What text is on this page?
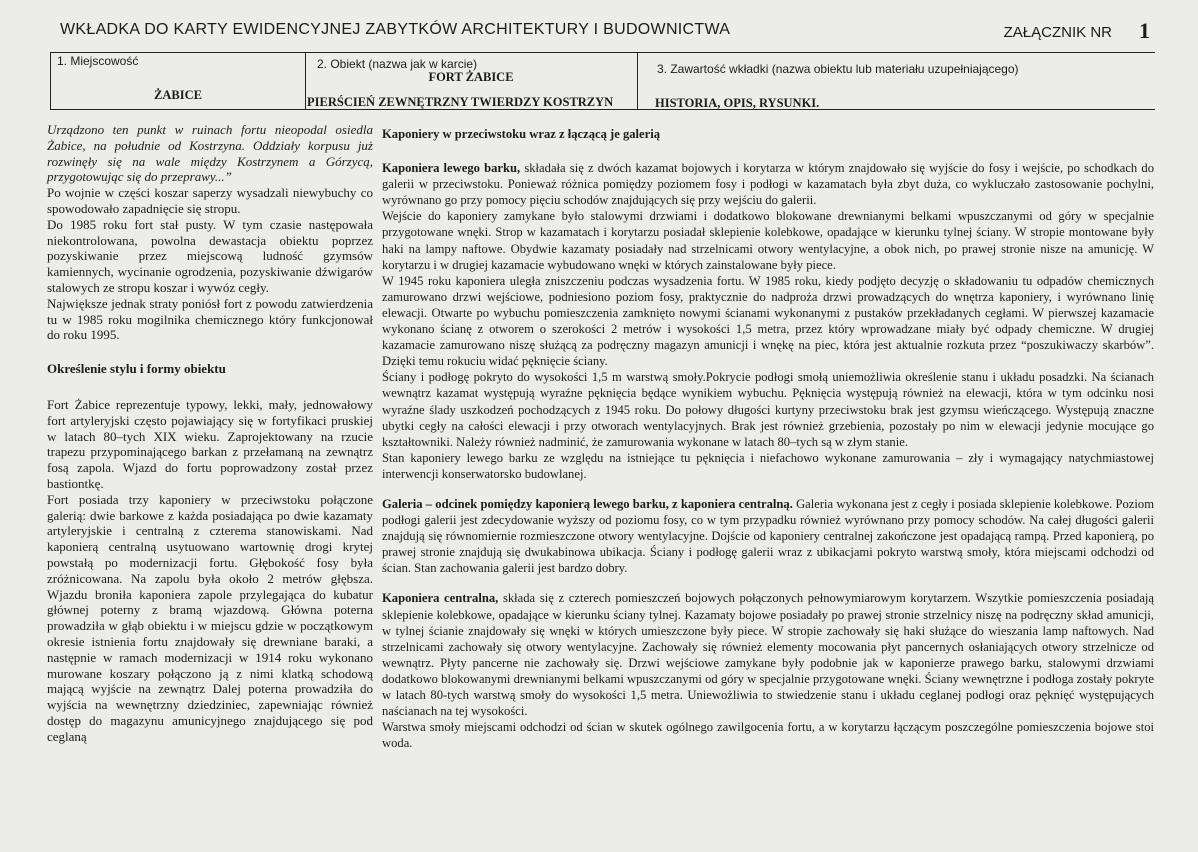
WKŁADKA DO KARTY EWIDENCYJNEJ ZABYTKÓW ARCHITEKTURY I BUDOWNICTWA	ZAŁĄCZNIK NR 1
1. Miejscowość
ŻABICE
2. Obiekt (nazwa jak w karcie)
FORT ŻABICE
PIERŚCIEŃ ZEWNĘTRZNY TWIERDZY KOSTRZYN
3. Zawartość wkładki (nazwa obiektu lub materiału uzupełniającego)
HISTORIA, OPIS, RYSUNKI.

Urządzono ten punkt w ruinach fortu nieopodal osiedla Żabice, na południe od Kostrzyna. Oddziały korpusu już rozwinęły się na wale między Kostrzynem a Górzycą, przygotowując się do przeprawy...”

Po wojnie w części koszar saperzy wysadzali niewybuchy co spowodowało zapadnięcie się stropu.

Do 1985 roku fort stał pusty. W tym czasie następowała niekontrolowana, powolna dewastacja obiektu poprzez pozyskiwanie przez miejscową ludność gzymsów kamiennych, wycinanie ogrodzenia, pozyskiwanie dźwigarów stalowych ze stropu koszar i wywóz cegły.

Największe jednak straty poniósł fort z powodu zatwierdzenia tu w 1985 roku mogilnika chemicznego który funkcjonował do roku 1995.

Określenie stylu i formy obiektu

Fort Żabice reprezentuje typowy, lekki, mały, jednowałowy fort artyleryjski często pojawiający się w fortyfikaci pruskiej w latach 80–tych XIX wieku. Zaprojektowany na rzucie trapezu przypominającego barkan z przełamaną na zewnątrz fosą zapola. Wjazd do fortu poprowadzony został przez bastiontkę.

Fort posiada trzy kaponiery w przeciwstoku połączone galerią: dwie barkowe z każda posiadająca po dwie kazamaty artyleryjskie i centralną z czterema stanowiskami. Nad kaponierą centralną usytuowano wartownię drogi krytej powstałą po modernizacji fortu. Głębokość fosy była zróżnicowana. Na zapolu była około 2 metrów głębsza. Wjazdu broniła kaponiera zapole przylegająca do kubatur głównej poterny z bramą wjazdową. Główna poterna prowadziła w głąb obiektu i w miejscu gdzie w początkowym okresie istnienia fortu znajdowały się drewniane baraki, a następnie w ramach modernizacji w 1914 roku wykonano murowane koszary połączono ją z nimi klatką schodową mającą wyjście na zewnątrz Dalej poterna prowadziła do wyjścia na wewnętrzny dziedziniec, zapewniając również dostęp do magazynu amunicyjnego znajdującego się pod ceglaną

Kaponiery w przeciwstoku wraz z łączącą je galerią

Kaponiera lewego barku, składała się z dwóch kazamat bojowych i korytarza w którym znajdowało się wyjście do fosy i wejście, po schodkach do galerii w przeciwstoku. Ponieważ różnica pomiędzy poziomem fosy i podłogi w kazamatach była zbyt duża, co wykluczało zastosowanie pochylni, wyrównano go przy pomocy pięciu schodów znajdujących się przy wejściu do galerii.

Wejście do kaponiery zamykane było stalowymi drzwiami i dodatkowo blokowane drewnianymi belkami wpuszczanymi od góry w specjalnie przygotowane wnęki. Strop w kazamatach i korytarzu posiadał sklepienie kolebkowe, opadające w kierunku tylnej ściany. W stropie montowane były haki na lampy naftowe. Obydwie kazamaty posiadały nad strzelnicami otwory wentylacyjne, a obok nich, po prawej stronie nisze na amunicję. W korytarzu i w drugiej kazamacie wybudowano wnęki w których zainstalowane były piece.

W 1945 roku kaponiera uległa zniszczeniu podczas wysadzenia fortu. W 1985 roku, kiedy podjęto decyzję o składowaniu tu odpadów chemicznych zamurowano drzwi wejściowe, podniesiono poziom fosy, praktycznie do nadproża drzwi prowadzących do wnętrza kaponiery, i wyrównano linię elewacji. Otwarte po wybuchu pomieszczenia zamknięto nowymi ścianami wykonanymi z pustaków przekładanych cegłami. W pierwszej kazamacie wykonano ścianę z otworem o szerokości 2 metrów i wysokości 1,5 metra, przez który wprowadzane miały być odpady chemiczne. W drugiej kazamacie zamurowano niszę służącą za podręczny magazyn amunicji i wnękę na piec, która jest aktualnie rozkuta przez “poszukiwaczy skarbów”. Dzięki temu rokuciu widać pęknięcie ściany.

Ściany i podłogę pokryto do wysokości 1,5 m warstwą smoły.Pokrycie podłogi smołą uniemożliwia określenie stanu i układu posadzki. Na ścianach wewnątrz kazamat występują wyraźne pęknięcia będące wynikiem wybuchu. Pęknięcia występują również na elewacji, która w tym odcinku nosi wyraźne ślady uszkodzeń pochodzących z 1945 roku. Do połowy długości kurtyny przeciwstoku brak jest gzymsu wieńczącego. Występują znaczne ubytki cegły na całości elewacji i przy otworach wentylacyjnych. Brak jest również grzebienia, pozostały po nim w elewacji jedynie mocujące go kształtowniki. Należy również nadminić, że zamurowania wykonane w latach 80–tych są w złym stanie.

Stan kaponiery lewego barku ze względu na istniejące tu pęknięcia i niefachowo wykonane zamurowania – zły i wymagający natychmiastowej interwencji konserwatorsko budowlanej.

Galeria – odcinek pomiędzy kaponierą lewego barku, z kaponiera centralną. Galeria wykonana jest z cegły i posiada sklepienie kolebkowe. Poziom podłogi galerii jest zdecydowanie wyższy od poziomu fosy, co w tym przypadku również wyrównano przy pomocy schodów. Na całej długości galerii znajdują się równomiernie rozmieszczone otwory wentylacyjne. Dojście od kaponiery centralnej zakończone jest opadającą rampą. Przed kaponierą, po prawej stronie znajdują się dwukabinowa ubikacja. Ściany i podłogę galerii wraz z ubikacjami pokryto warstwą smoły, która miejscami odchodzi od ścian. Stan zachowania galerii jest bardzo dobry.

Kaponiera centralna, składa się z czterech pomieszczeń bojowych połączonych pełnowymiarowym korytarzem. Wszytkie pomieszczenia posiadają sklepienie kolebkowe, opadające w kierunku ściany tylnej. Kazamaty bojowe posiadały po prawej stronie strzelnicy niszę na podręczny skład amunicji, w tylnej ścianie znajdowały się wnęki w których umieszczone były piece. W stropie zachowały się haki służące do wieszania lamp naftowych. Nad strzelnicami zachowały się otwory wentylacyjne. Zachowały się również elementy mocowania płyt pancernych osłaniających otwory strzelnicze od wewnątrz. Płyty pancerne nie zachowały się. Drzwi wejściowe zamykane były podobnie jak w kaponierze prawego barku, stalowymi drzwiami dodatkowo blokowanymi drewnianymi belkami wpuszczanymi od góry w specjalnie przygotowane wnęki. Ściany wewnętrzne i podłoga zostały pokryte w latach 80-tych warstwą smoły do wysokości 1,5 metra. Uniewożliwia to stwiedzenie stanu i układu ceglanej podłogi oraz pęknięć występujących naścianach na tej wysokości.

Warstwa smoły miejscami odchodzi od ścian w skutek ogólnego zawilgocenia fortu, a w korytarzu łączącym poszczególne pomieszczenia bojowe stoi woda.
